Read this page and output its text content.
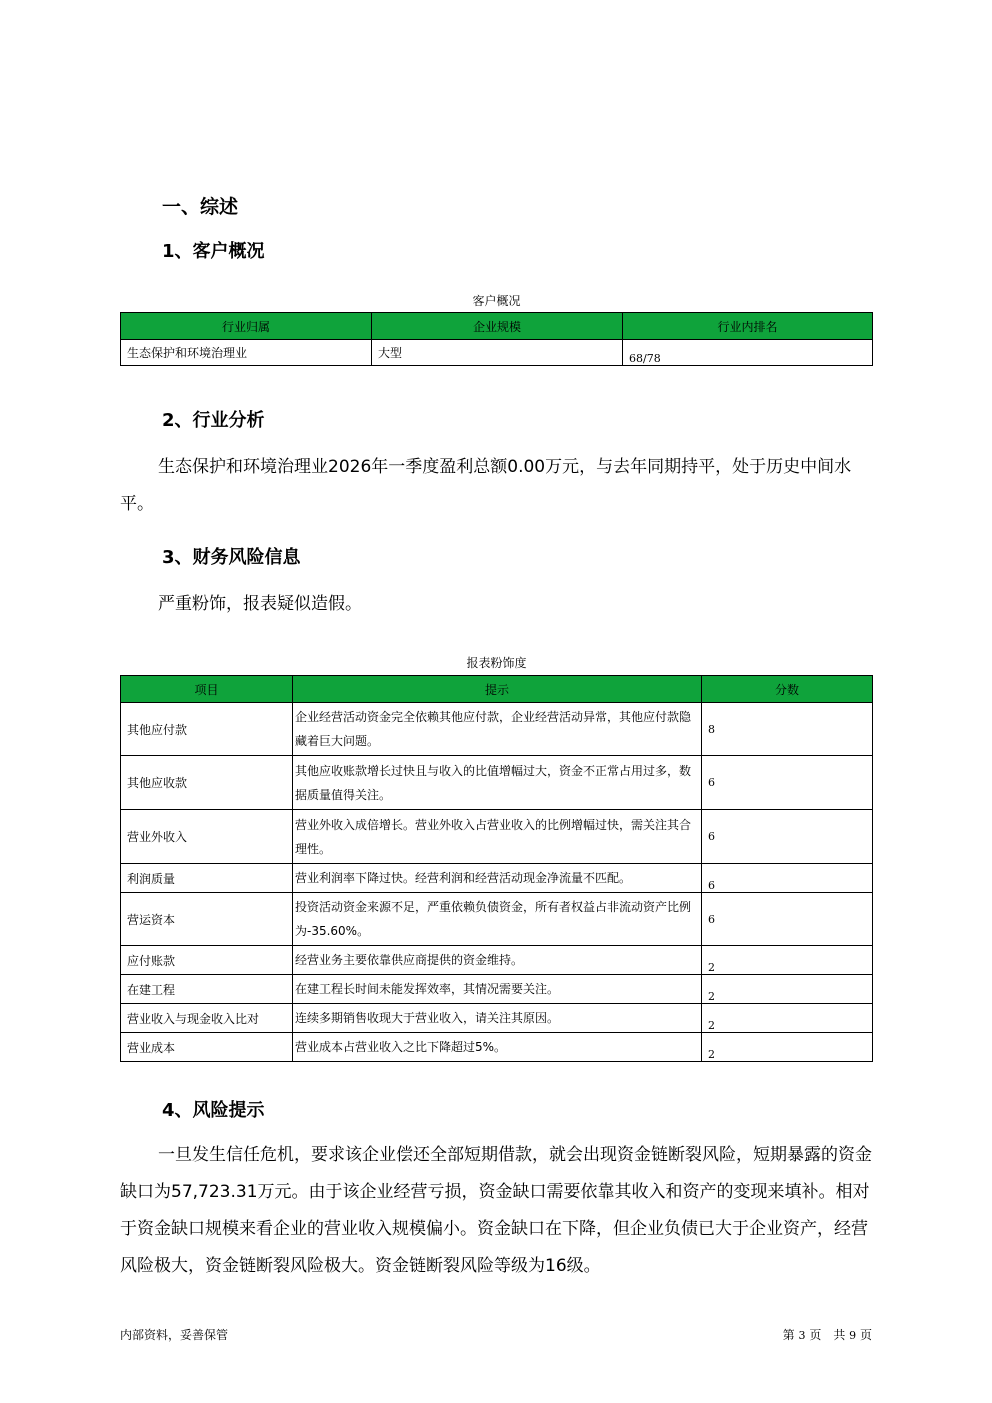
一、综述
1、客户概况
客户概况
行业归属	企业规模	行业内排名
生态保护和环境治理业	大型	68/78
2、行业分析
生态保护和环境治理业2026年一季度盈利总额0.00万元，与去年同期持平，处于历史中间水平。
3、财务风险信息
严重粉饰，报表疑似造假。
报表粉饰度
项目	提示	分数
其他应付款	企业经营活动资金完全依赖其他应付款，企业经营活动异常，其他应付款隐藏着巨大问题。	8
其他应收款	其他应收账款增长过快且与收入的比值增幅过大，资金不正常占用过多，数据质量值得关注。	6
营业外收入	营业外收入成倍增长。营业外收入占营业收入的比例增幅过快，需关注其合理性。	6
利润质量	营业利润率下降过快。经营利润和经营活动现金净流量不匹配。	6
营运资本	投资活动资金来源不足，严重依赖负债资金，所有者权益占非流动资产比例为-35.60%。	6
应付账款	经营业务主要依靠供应商提供的资金维持。	2
在建工程	在建工程长时间未能发挥效率，其情况需要关注。	2
营业收入与现金收入比对	连续多期销售收现大于营业收入，请关注其原因。	2
营业成本	营业成本占营业收入之比下降超过5%。	2
4、风险提示
一旦发生信任危机，要求该企业偿还全部短期借款，就会出现资金链断裂风险，短期暴露的资金缺口为57,723.31万元。由于该企业经营亏损，资金缺口需要依靠其收入和资产的变现来填补。相对于资金缺口规模来看企业的营业收入规模偏小。资金缺口在下降，但企业负债已大于企业资产，经营风险极大，资金链断裂风险极大。资金链断裂风险等级为16级。
内部资料，妥善保管	第 3 页　共 9 页
